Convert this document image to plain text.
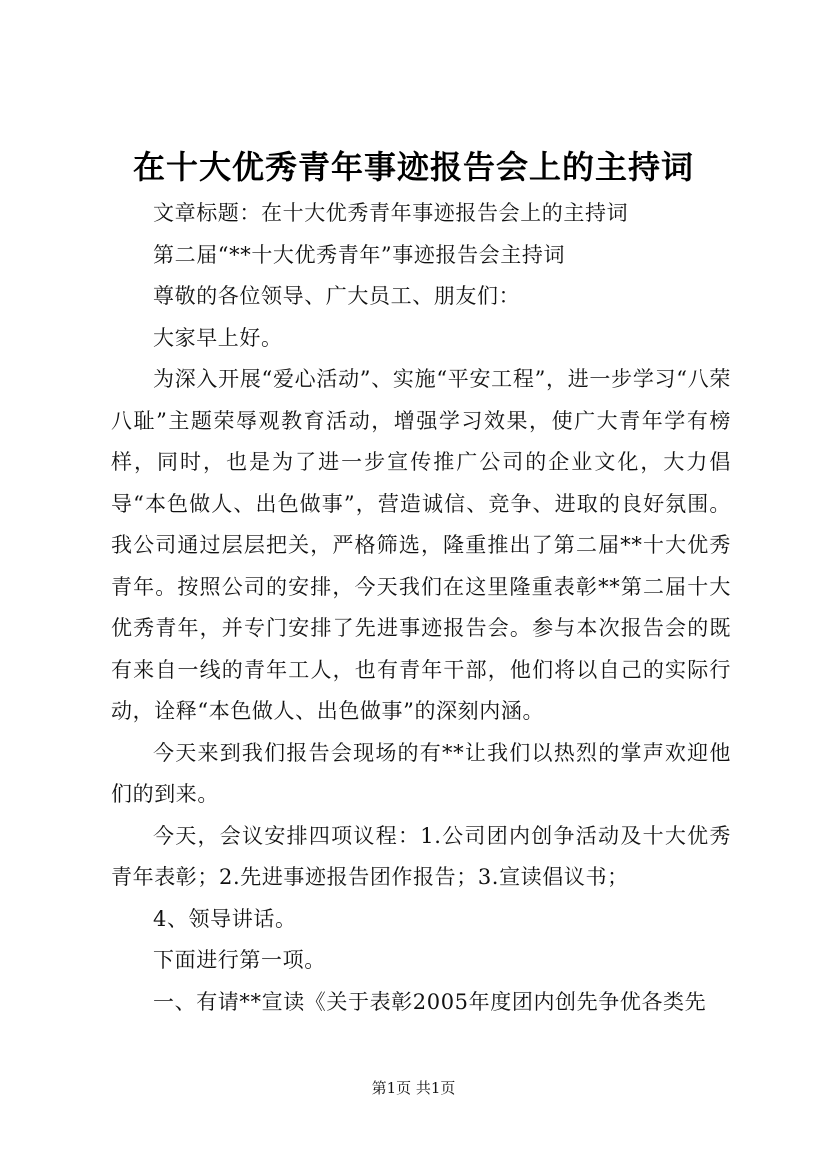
在十大优秀青年事迹报告会上的主持词

文章标题：在十大优秀青年事迹报告会上的主持词

第二届“**十大优秀青年”事迹报告会主持词

尊敬的各位领导、广大员工、朋友们：

大家早上好。

为深入开展“爱心活动”、实施“平安工程”，进一步学习“八荣八耻”主题荣辱观教育活动，增强学习效果，使广大青年学有榜样，同时，也是为了进一步宣传推广公司的企业文化，大力倡导“本色做人、出色做事”，营造诚信、竞争、进取的良好氛围。我公司通过层层把关，严格筛选，隆重推出了第二届**十大优秀青年。按照公司的安排，今天我们在这里隆重表彰**第二届十大优秀青年，并专门安排了先进事迹报告会。参与本次报告会的既有来自一线的青年工人，也有青年干部，他们将以自己的实际行动，诠释“本色做人、出色做事”的深刻内涵。

今天来到我们报告会现场的有**让我们以热烈的掌声欢迎他们的到来。

今天，会议安排四项议程：1.公司团内创争活动及十大优秀青年表彰；2.先进事迹报告团作报告；3.宣读倡议书；

4、领导讲话。

下面进行第一项。

一、有请**宣读《关于表彰2005年度团内创先争优各类先

第1页 共1页
